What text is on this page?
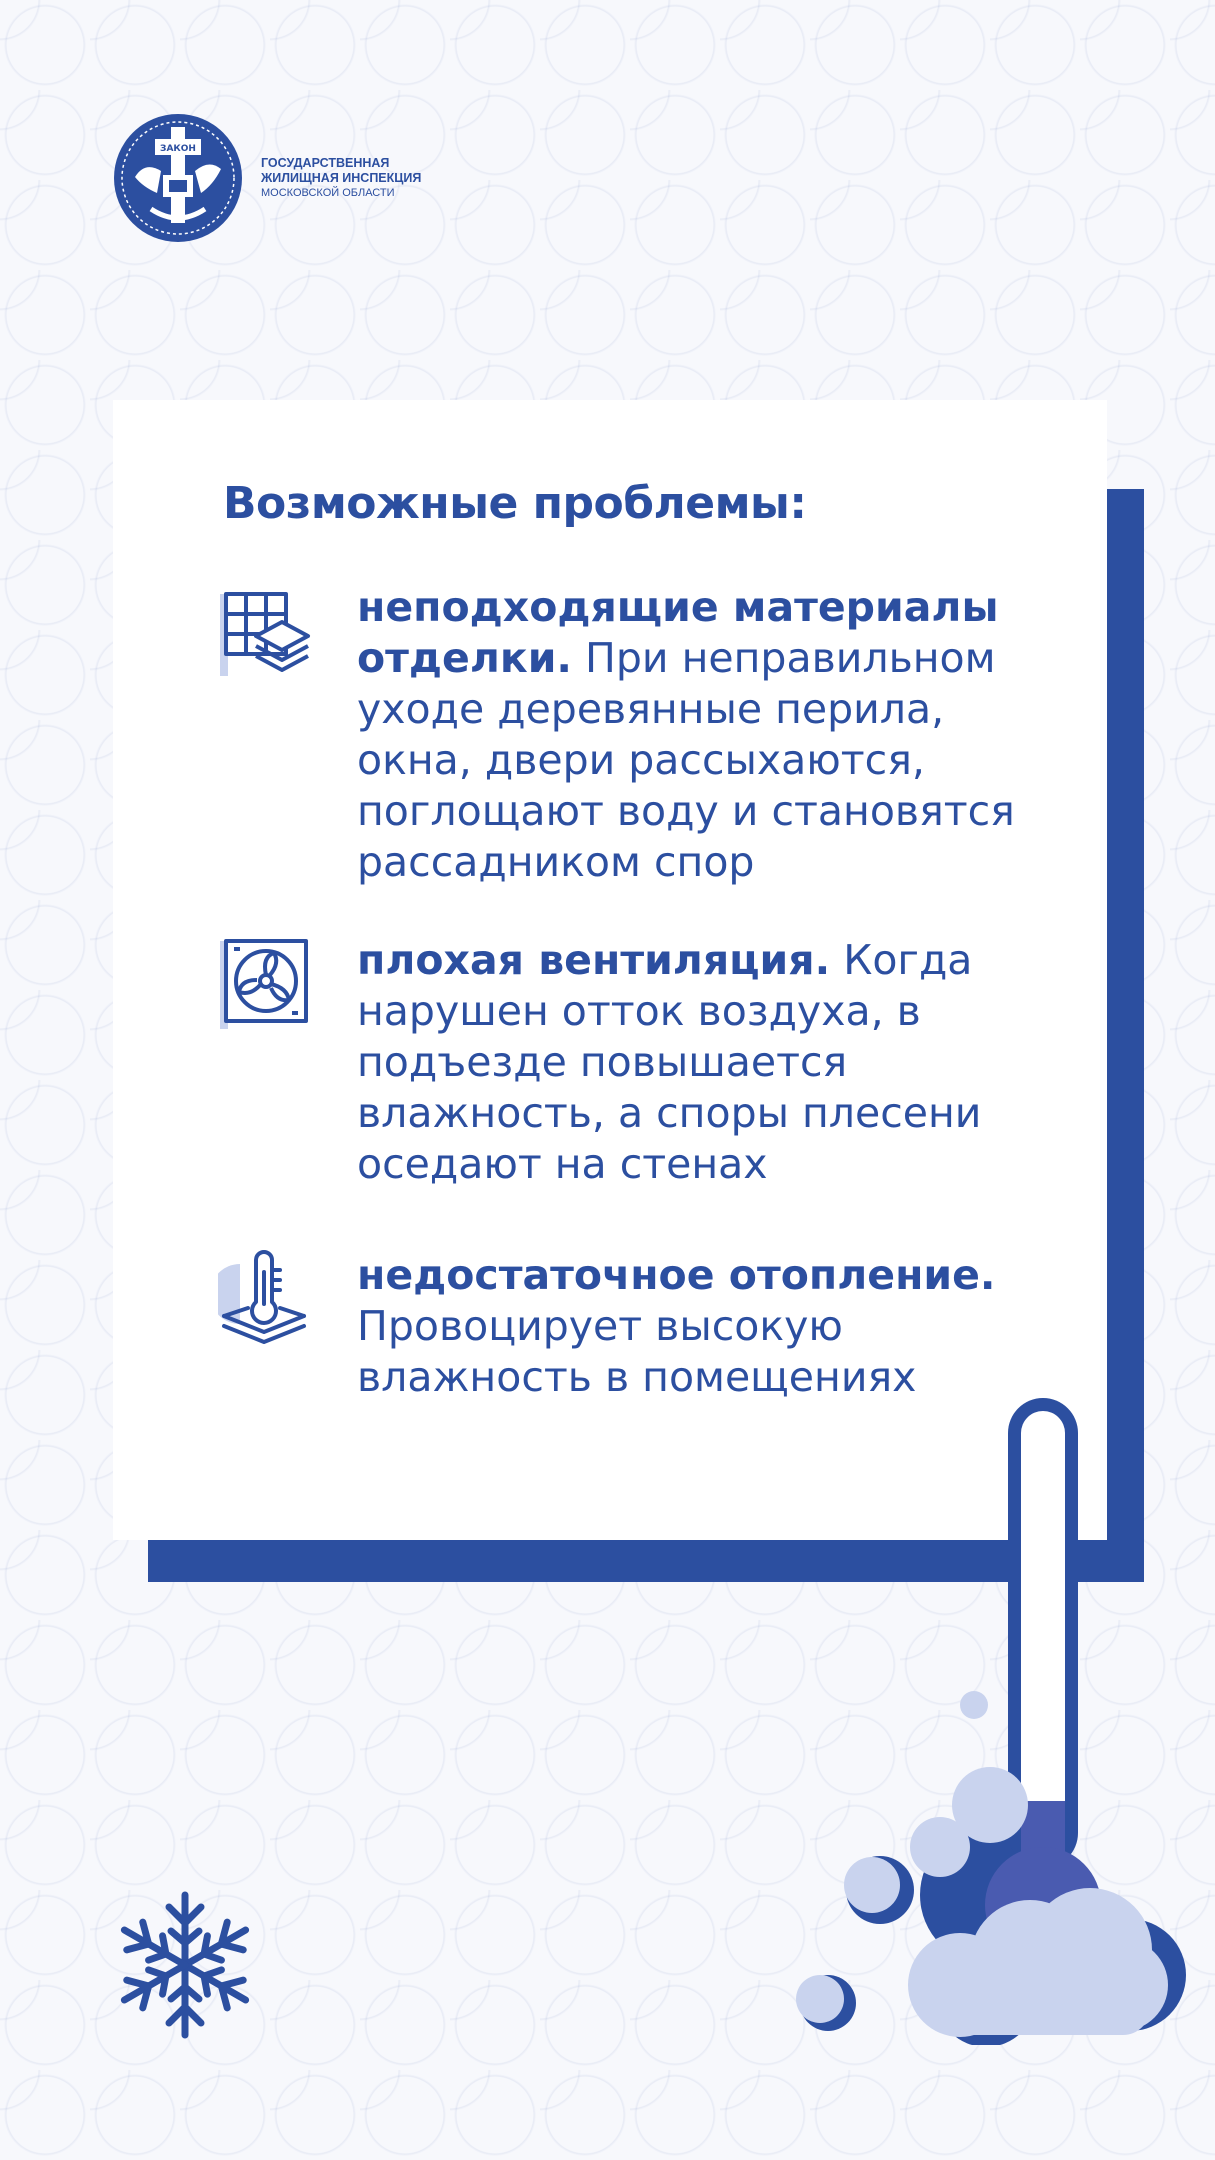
ЗАКОН
ГОСУДАРСТВЕННАЯ
ЖИЛИЩНАЯ ИНСПЕКЦИЯ
МОСКОВСКОЙ ОБЛАСТИ
Возможные проблемы:
неподходящие материалы отделки. При неправильном уходе деревянные перила, окна, двери рассыхаются, поглощают воду и становятся рассадником спор
плохая вентиляция. Когда нарушен отток воздуха, в подъезде повышается влажность, а споры плесени оседают на стенах
недостаточное отопление. Провоцирует высокую влажность в помещениях
